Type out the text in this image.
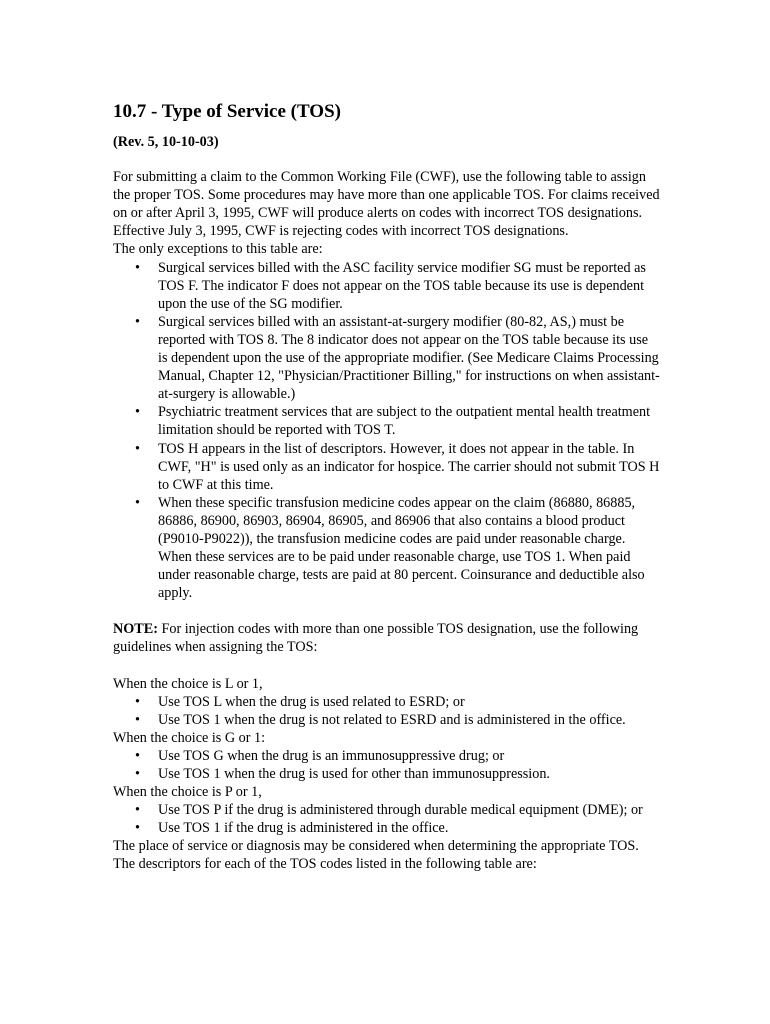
10.7 - Type of Service (TOS)
(Rev. 5, 10-10-03)

For submitting a claim to the Common Working File (CWF), use the following table to assign the proper TOS. Some procedures may have more than one applicable TOS. For claims received on or after April 3, 1995, CWF will produce alerts on codes with incorrect TOS designations. Effective July 3, 1995, CWF is rejecting codes with incorrect TOS designations.

The only exceptions to this table are:

• Surgical services billed with the ASC facility service modifier SG must be reported as TOS F. The indicator F does not appear on the TOS table because its use is dependent upon the use of the SG modifier.
• Surgical services billed with an assistant-at-surgery modifier (80-82, AS,) must be reported with TOS 8. The 8 indicator does not appear on the TOS table because its use is dependent upon the use of the appropriate modifier. (See Medicare Claims Processing Manual, Chapter 12, "Physician/Practitioner Billing," for instructions on when assistant-at-surgery is allowable.)
• Psychiatric treatment services that are subject to the outpatient mental health treatment limitation should be reported with TOS T.
• TOS H appears in the list of descriptors. However, it does not appear in the table. In CWF, "H" is used only as an indicator for hospice. The carrier should not submit TOS H to CWF at this time.
• When these specific transfusion medicine codes appear on the claim (86880, 86885, 86886, 86900, 86903, 86904, 86905, and 86906 that also contains a blood product (P9010-P9022)), the transfusion medicine codes are paid under reasonable charge. When these services are to be paid under reasonable charge, use TOS 1. When paid under reasonable charge, tests are paid at 80 percent. Coinsurance and deductible also apply.

NOTE: For injection codes with more than one possible TOS designation, use the following guidelines when assigning the TOS:

When the choice is L or 1,

• Use TOS L when the drug is used related to ESRD; or
• Use TOS 1 when the drug is not related to ESRD and is administered in the office.

When the choice is G or 1:

• Use TOS G when the drug is an immunosuppressive drug; or
• Use TOS 1 when the drug is used for other than immunosuppression.

When the choice is P or 1,

• Use TOS P if the drug is administered through durable medical equipment (DME); or
• Use TOS 1 if the drug is administered in the office.

The place of service or diagnosis may be considered when determining the appropriate TOS. The descriptors for each of the TOS codes listed in the following table are:
